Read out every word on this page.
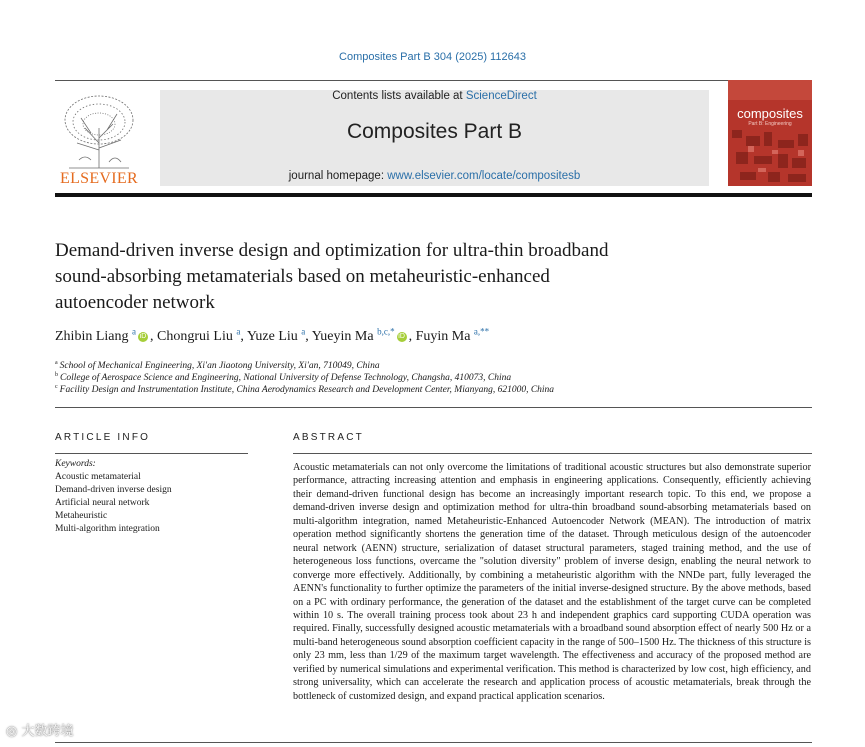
Composites Part B 304 (2025) 112643
ELSEVIER
Contents lists available at ScienceDirect
Composites Part B
journal homepage: www.elsevier.com/locate/compositesb
composites
Part B: Engineering
Demand-driven inverse design and optimization for ultra-thin broadband
sound-absorbing metamaterials based on metaheuristic-enhanced
autoencoder network
Zhibin Liang $^a$ iD , Chongrui Liu $^a$, Yuze Liu $^a$, Yueyin Ma $^{b,c,*}$ iD , Fuyin Ma $^{a,**}$
$^a$ School of Mechanical Engineering, Xi'an Jiaotong University, Xi'an, 710049, China
$^b$ College of Aerospace Science and Engineering, National University of Defense Technology, Changsha, 410073, China
$^c$ Facility Design and Instrumentation Institute, China Aerodynamics Research and Development Center, Mianyang, 621000, China
ARTICLE INFO
Keywords:
Acoustic metamaterial
Demand-driven inverse design
Artificial neural network
Metaheuristic
Multi-algorithm integration
ABSTRACT
Acoustic metamaterials can not only overcome the limitations of traditional acoustic structures but also demonstrate superior performance, attracting increasing attention and emphasis in engineering applications. Consequently, efficiently achieving their demand-driven functional design has become an increasingly important research topic. To this end, we propose a demand-driven inverse design and optimization method for ultra-thin broadband sound-absorbing metamaterials based on multi-algorithm integration, named Metaheuristic-Enhanced Autoencoder Network (MEAN). The introduction of matrix operation method significantly shortens the generation time of the dataset. Through meticulous design of the autoencoder neural network (AENN) structure, serialization of dataset structural parameters, staged training method, and the use of heterogeneous loss functions, overcame the "solution diversity" problem of inverse design, enabling the neural network to converge more effectively. Additionally, by combining a metaheuristic algorithm with the NNDe part, fully leveraged the AENN's functionality to further optimize the parameters of the initial inverse-designed structure. By the above methods, based on a PC with ordinary performance, the generation of the dataset and the establishment of the target curve can be completed within 10 s. The overall training process took about 23 h and independent graphics card supporting CUDA operation was required. Finally, successfully designed acoustic metamaterials with a broadband sound absorption effect of nearly 500 Hz or a multi-band heterogeneous sound absorption coefficient capacity in the range of 500–1500 Hz. The thickness of this structure is only 23 mm, less than 1/29 of the maximum target wavelength. The effectiveness and accuracy of the proposed method are verified by numerical simulations and experimental verification. This method is characterized by low cost, high efficiency, and strong universality, which can accelerate the research and application process of acoustic metamaterials, break through the bottleneck of customized design, and expand practical application scenarios.
◎ 大数跨境
